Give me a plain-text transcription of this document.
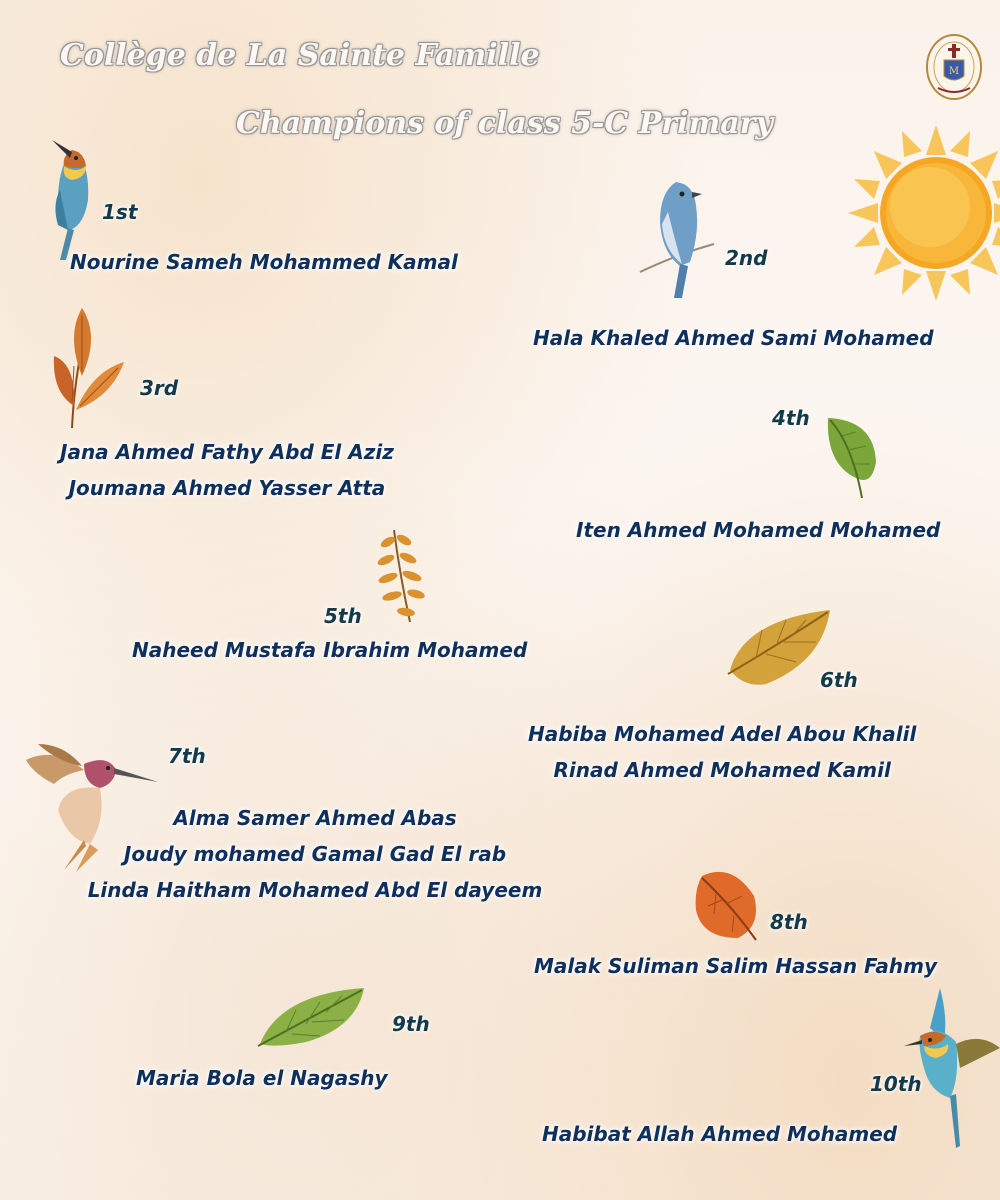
Collège de La Sainte Famille
Champions of class 5-C Primary
M
1st
Nourine Sameh Mohammed Kamal	2nd
Hala Khaled Ahmed Sami Mohamed
3rd
Jana Ahmed Fathy Abd El Aziz
Joumana Ahmed Yasser Atta
4th
Iten Ahmed Mohamed Mohamed
5th
Naheed Mustafa Ibrahim Mohamed
6th
Habiba Mohamed Adel Abou Khalil
Rinad Ahmed Mohamed Kamil
7th
Alma Samer Ahmed Abas
Joudy mohamed Gamal Gad El rab
Linda Haitham Mohamed Abd El dayeem
8th
Malak Suliman Salim Hassan Fahmy
9th
Maria Bola el Nagashy	10th
Habibat Allah Ahmed Mohamed
